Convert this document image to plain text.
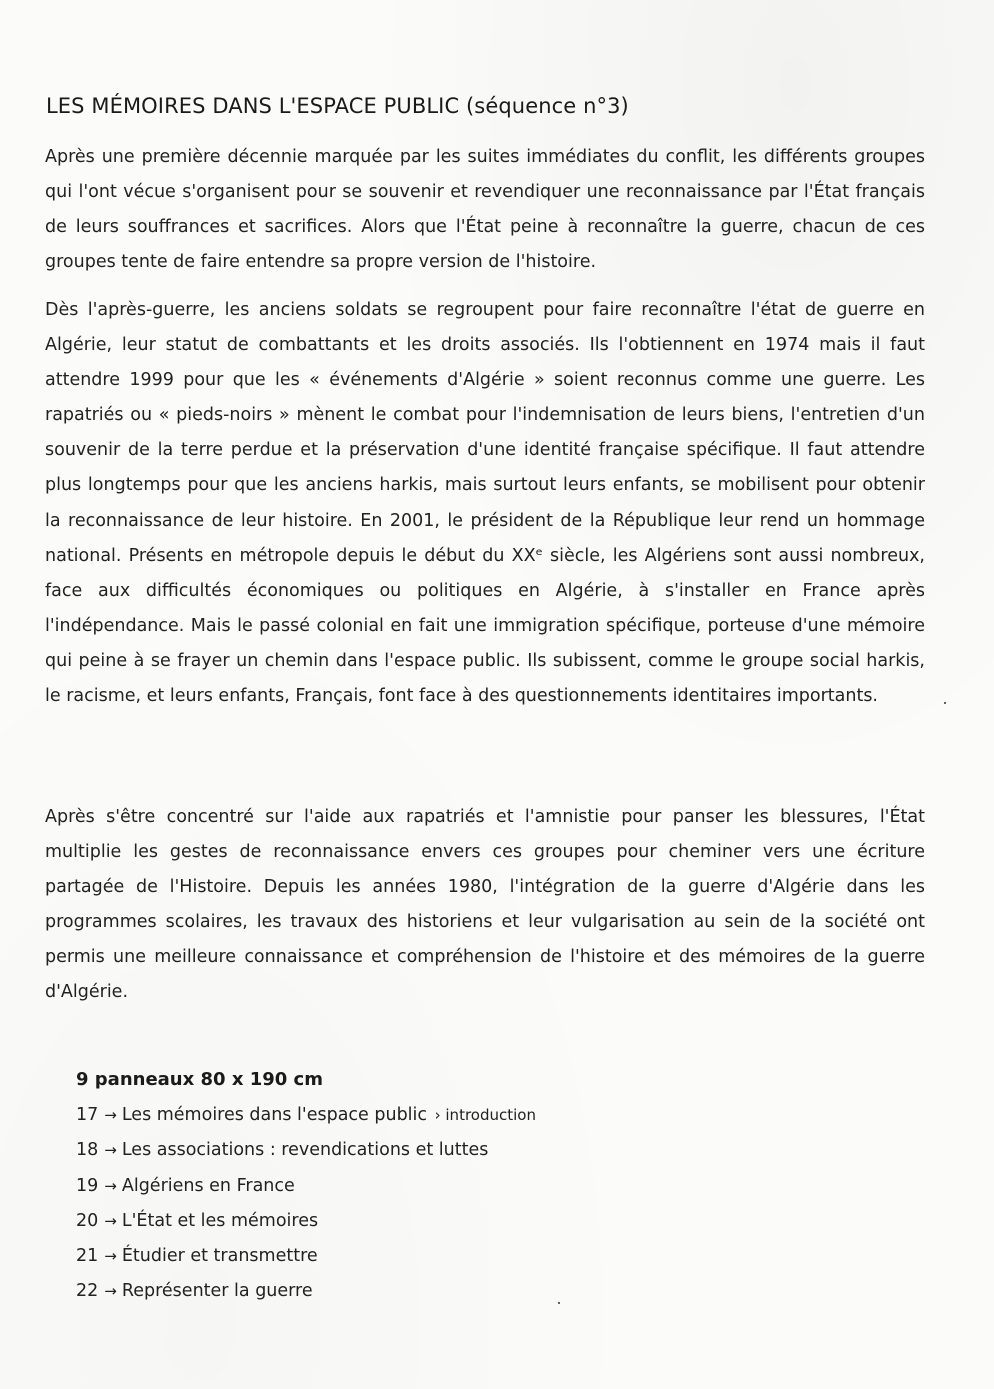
LES MÉMOIRES DANS L'ESPACE PUBLIC (séquence n°3)

Après une première décennie marquée par les suites immédiates du conflit, les différents groupes qui l'ont vécue s'organisent pour se souvenir et revendiquer une reconnaissance par l'État français de leurs souffrances et sacrifices. Alors que l'État peine à reconnaître la guerre, chacun de ces groupes tente de faire entendre sa propre version de l'histoire.

Dès l'après-guerre, les anciens soldats se regroupent pour faire reconnaître l'état de guerre en Algérie, leur statut de combattants et les droits associés. Ils l'obtiennent en 1974 mais il faut attendre 1999 pour que les « événements d'Algérie » soient reconnus comme une guerre. Les rapatriés ou « pieds-noirs » mènent le combat pour l'indemnisation de leurs biens, l'entretien d'un souvenir de la terre perdue et la préservation d'une identité française spécifique. Il faut attendre plus longtemps pour que les anciens harkis, mais surtout leurs enfants, se mobilisent pour obtenir la reconnaissance de leur histoire. En 2001, le président de la République leur rend un hommage national. Présents en métropole depuis le début du XXᵉ siècle, les Algériens sont aussi nombreux, face aux difficultés économiques ou politiques en Algérie, à s'installer en France après l'indépendance. Mais le passé colonial en fait une immigration spécifique, porteuse d'une mémoire qui peine à se frayer un chemin dans l'espace public. Ils subissent, comme le groupe social harkis, le racisme, et leurs enfants, Français, font face à des questionnements identitaires importants.

Après s'être concentré sur l'aide aux rapatriés et l'amnistie pour panser les blessures, l'État multiplie les gestes de reconnaissance envers ces groupes pour cheminer vers une écriture partagée de l'Histoire. Depuis les années 1980, l'intégration de la guerre d'Algérie dans les programmes scolaires, les travaux des historiens et leur vulgarisation au sein de la société ont permis une meilleure connaissance et compréhension de l'histoire et des mémoires de la guerre d'Algérie.

9 panneaux 80 x 190 cm
17 → Les mémoires dans l'espace public › introduction
18 → Les associations : revendications et luttes
19 → Algériens en France
20 → L'État et les mémoires
21 → Étudier et transmettre
22 → Représenter la guerre
